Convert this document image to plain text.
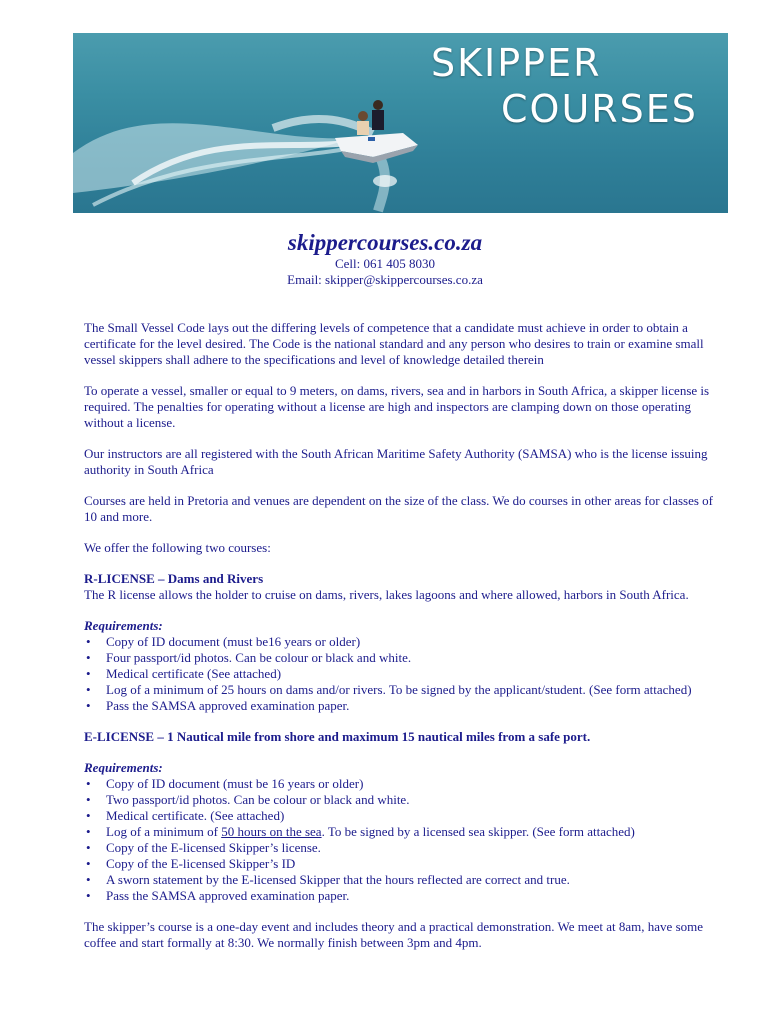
SKIPPER
COURSES
skippercourses.co.za
Cell: 061 405 8030
Email: skipper@skippercourses.co.za

The Small Vessel Code lays out the differing levels of competence that a candidate must achieve in order to obtain a certificate for the level desired. The Code is the national standard and any person who desires to train or examine small vessel skippers shall adhere to the specifications and level of knowledge detailed therein

To operate a vessel, smaller or equal to 9 meters, on dams, rivers, sea and in harbors in South Africa, a skipper license is required. The penalties for operating without a license are high and inspectors are clamping down on those operating without a license.

Our instructors are all registered with the South African Maritime Safety Authority (SAMSA) who is the license issuing authority in South Africa

Courses are held in Pretoria and venues are dependent on the size of the class. We do courses in other areas for classes of 10 and more.

We offer the following two courses:

R-LICENSE – Dams and Rivers

The R license allows the holder to cruise on dams, rivers, lakes lagoons and where allowed, harbors in South Africa.

Requirements:
• Copy of ID document (must be16 years or older)
• Four passport/id photos. Can be colour or black and white.
• Medical certificate (See attached)
• Log of a minimum of 25 hours on dams and/or rivers. To be signed by the applicant/student. (See form attached)
• Pass the SAMSA approved examination paper.
E-LICENSE – 1 Nautical mile from shore and maximum 15 nautical miles from a safe port.
Requirements:
• Copy of ID document (must be 16 years or older)
• Two passport/id photos. Can be colour or black and white.
• Medical certificate. (See attached)
• Log of a minimum of 50 hours on the sea. To be signed by a licensed sea skipper. (See form attached)
• Copy of the E-licensed Skipper’s license.
• Copy of the E-licensed Skipper’s ID
• A sworn statement by the E-licensed Skipper that the hours reflected are correct and true.
• Pass the SAMSA approved examination paper.

The skipper’s course is a one-day event and includes theory and a practical demonstration. We meet at 8am, have some coffee and start formally at 8:30. We normally finish between 3pm and 4pm.
